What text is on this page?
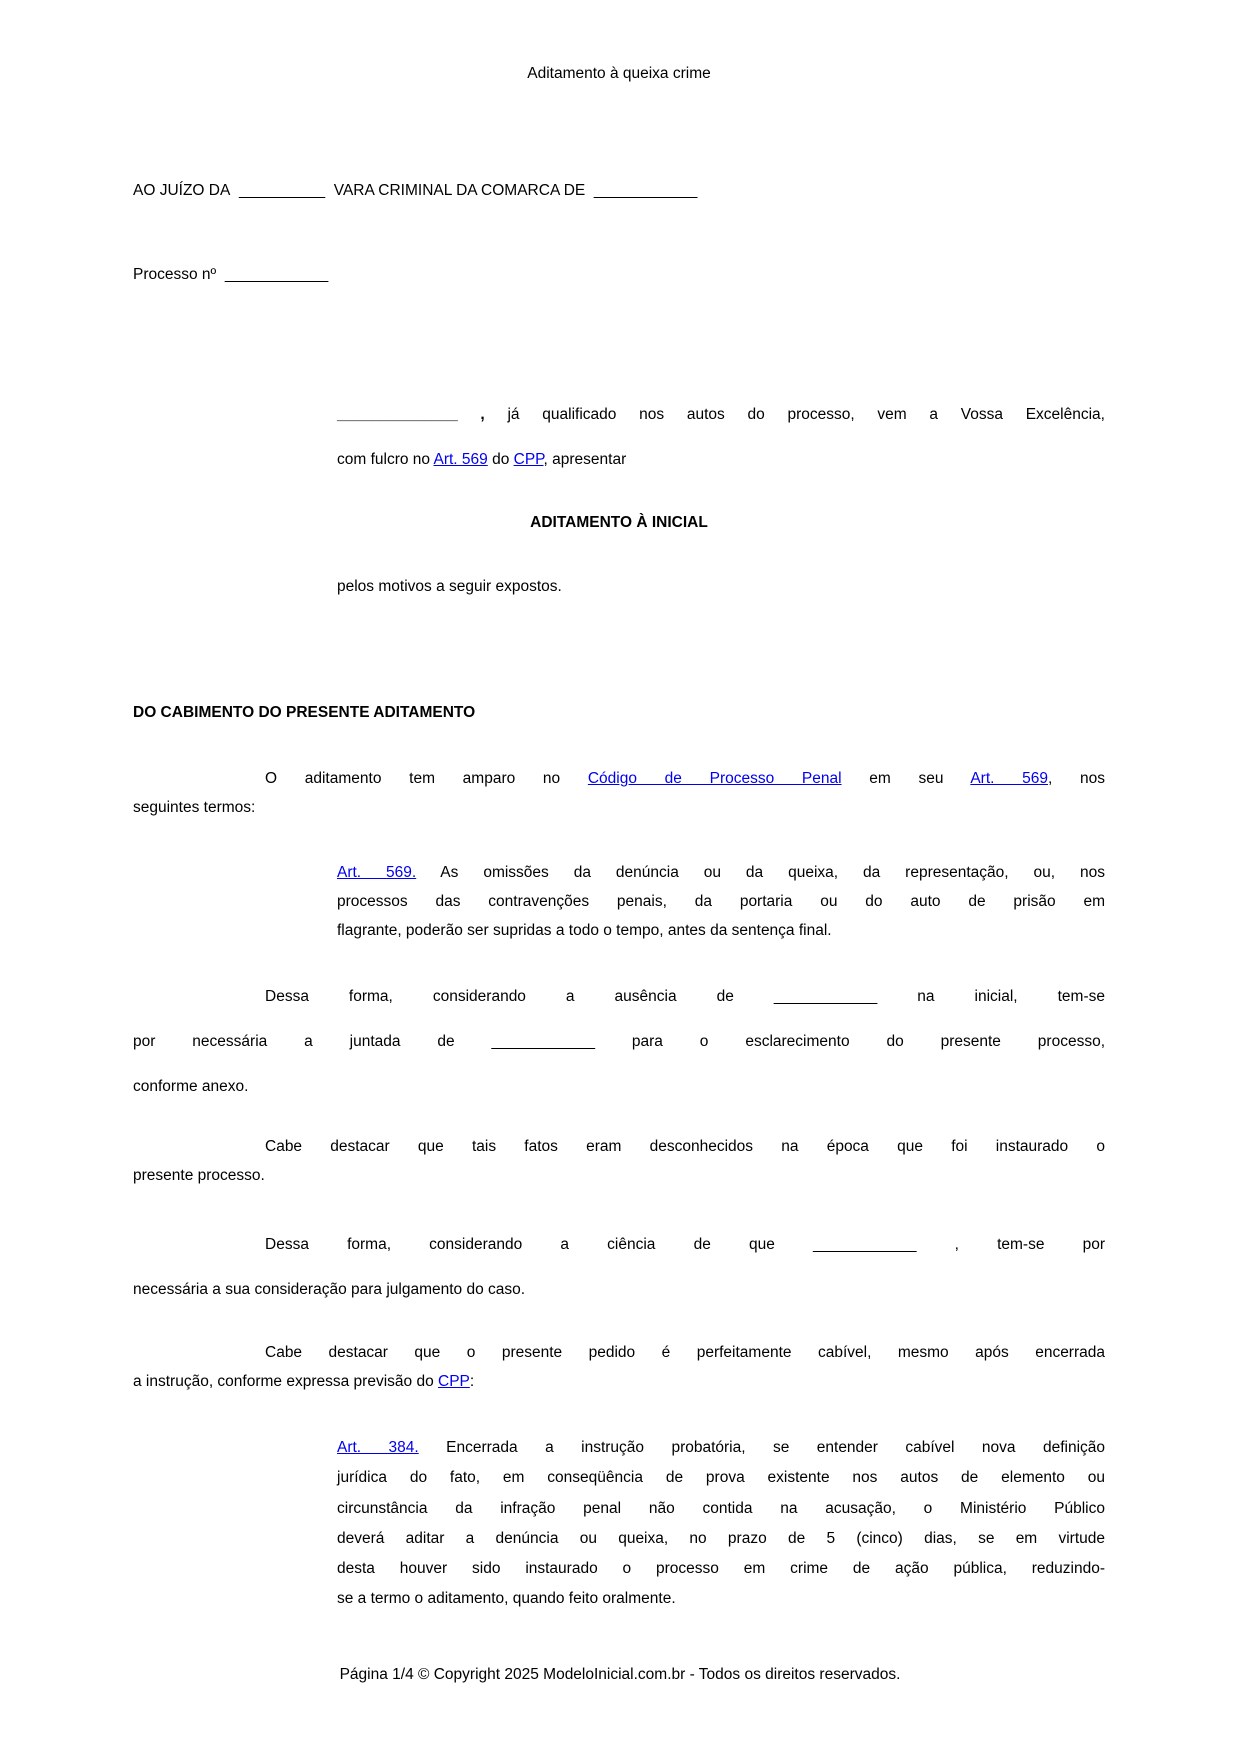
Aditamento à queixa crime
AO JUÍZO DA  __________  VARA CRIMINAL DA COMARCA DE  ____________
Processo nº  ____________
______________ , já qualificado nos autos do processo, vem a Vossa Excelência,
com fulcro no Art. 569 do CPP, apresentar
ADITAMENTO À INICIAL
pelos motivos a seguir expostos.
DO CABIMENTO DO PRESENTE ADITAMENTO
O aditamento tem amparo no Código de Processo Penal em seu Art. 569, nos
seguintes termos:
Art. 569. As omissões da denúncia ou da queixa, da representação, ou, nos
processos das contravenções penais, da portaria ou do auto de prisão em
flagrante, poderão ser supridas a todo o tempo, antes da sentença final.
Dessa forma, considerando a ausência de ____________ na inicial, tem-se
por necessária a juntada de ____________ para o esclarecimento do presente processo,
conforme anexo.
Cabe destacar que tais fatos eram desconhecidos na época que foi instaurado o
presente processo.
Dessa forma, considerando a ciência de que ____________ , tem-se por
necessária a sua consideração para julgamento do caso.
Cabe destacar que o presente pedido é perfeitamente cabível, mesmo após encerrada
a instrução, conforme expressa previsão do CPP:
Art. 384. Encerrada a instrução probatória, se entender cabível nova definição
jurídica do fato, em conseqüência de prova existente nos autos de elemento ou
circunstância da infração penal não contida na acusação, o Ministério Público
deverá aditar a denúncia ou queixa, no prazo de 5 (cinco) dias, se em virtude
desta houver sido instaurado o processo em crime de ação pública, reduzindo-
se a termo o aditamento, quando feito oralmente.
Página 1/4 © Copyright 2025 ModeloInicial.com.br - Todos os direitos reservados.
